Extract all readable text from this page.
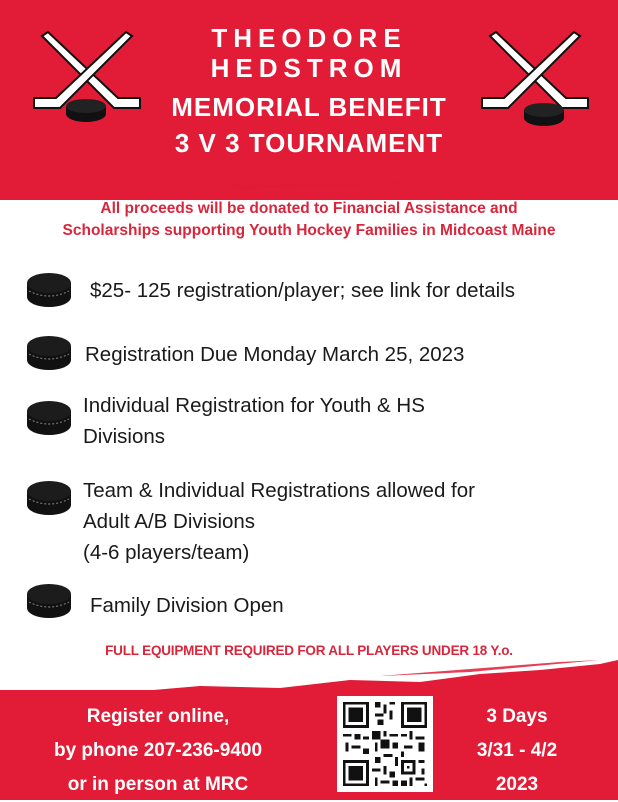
THEODORE
HEDSTROM
MEMORIAL BENEFIT
3 V 3 TOURNAMENT
All proceeds will be donated to Financial Assistance and
Scholarships supporting Youth Hockey Families in Midcoast Maine
$25- 125 registration/player; see link for details
Registration Due Monday March 25, 2023
Individual Registration for Youth & HS
Divisions
Team & Individual Registrations allowed for
Adult A/B Divisions
(4-6 players/team)
Family Division Open
FULL EQUIPMENT REQUIRED FOR ALL PLAYERS UNDER 18 Y.o.
Register online,
by phone 207-236-9400
or in person at MRC
3 Days
3/31 - 4/2
2023
